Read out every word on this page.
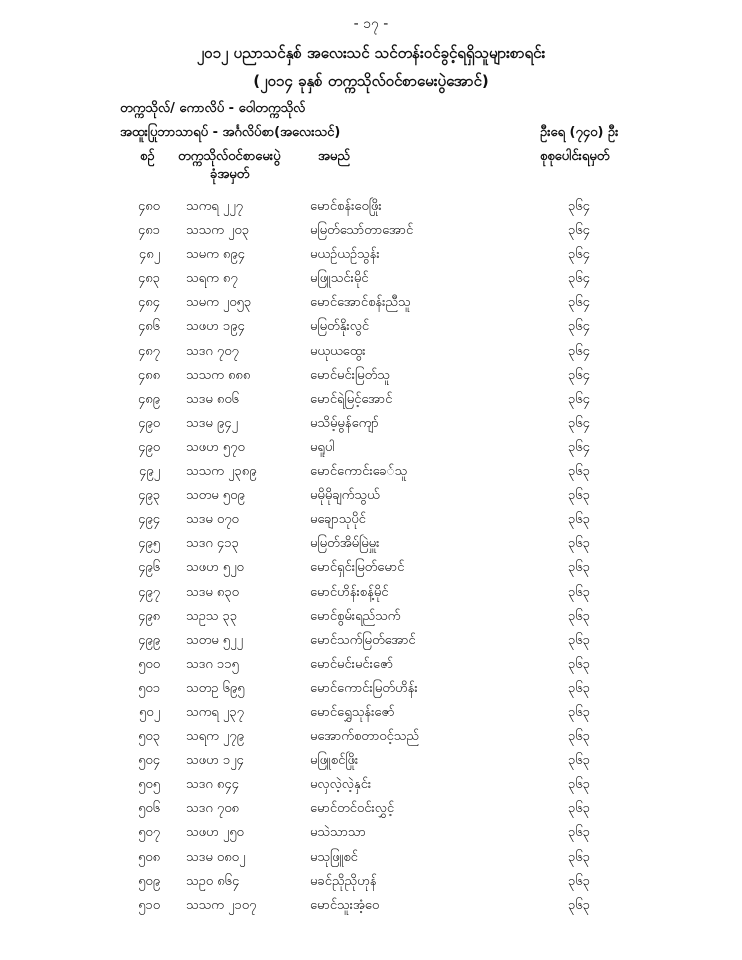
- ၁၇ -
၂၀၁၂ ပညာသင်နှစ် အလေးသင် သင်တန်းဝင်ခွင့်ရရှိသူများစာရင်း
(၂၀၁၄ ခုနှစ် တက္ကသိုလ်ဝင်စာမေးပွဲအောင်)
တက္ကသိုလ်/ ကောလိပ် - ဝေါတက္ကသိုလ်
အထူးပြုဘာသာရပ် - အင်္ဂလိပ်စာ(အလေးသင်)	ဦးရေ (၇၄၀) ဦး
စဉ် တက္ကသိုလ်ဝင်စာမေးပွဲ
ခုံအမှတ်
အမည်	စုစုပေါင်းရမှတ်
၄၈၀ သကရ ၂၂၇	မောင်စန်းဝေဖြိုး	၃၆၄
၄၈၁ သသက ၂၀၃	မမြတ်သော်တာအောင်	၃၆၄
၄၈၂ သမက ၈၉၄	မယဉ်ယဉ်သွန်း	၃၆၄
၄၈၃ သရက ၈၇	မဖြူသင်းမိုင်	၃၆၄
၄၈၄ သမက ၂၀၅၃	မောင်အောင်စန်းညီသူ	၃၆၄
၄၈၆ သဖဟ ၁၉၄	မမြတ်နိုးလွင်	၃၆၄
၄၈၇ သဒဂ ၇၀၇	မယုယထွေး	၃၆၄
၄၈၈ သသက ၈၈၈	မောင်မင်းမြတ်သူ	၃၆၄
၄၈၉ သဒမ ၈၀၆	မောင်ရဲမြင့်အောင်	၃၆၄
၄၉၀ သဒမ ၉၄၂	မသိမ့်မွန်ကျော်	၃၆၄
၄၉၀ သဖဟ ၅၇၀	မရူပါ	၃၆၄
၄၉၂ သသက ၂၃၈၉	မောင်ကောင်းခေ်သူ	၃၆၃
၄၉၃ သတမ ၅၀၉	မမိုမိုချက်သွယ်	၃၆၃
၄၉၄ သဒမ ၀၇၀	မချောသုပိုင်	၃၆၃
၄၉၅ သဒဂ ၄၁၃	မမြတ်အိမ်မြဲမှူး	၃၆၃
၄၉၆ သဖဟ ၅၂၀	မောင်ရှင်းမြတ်မောင်	၃၆၃
၄၉၇ သဒမ ၈၃၀	မောင်ဟိန်းစန့်မိုင်	၃၆၃
၄၉၈ သဥသ ၃၃	မောင်စွမ်းရည်သက်	၃၆၃
၄၉၉ သတမ ၅၂၂	မောင်သက်မြတ်အောင်	၃၆၃
၅၀၀ သဒဂ ၁၁၅	မောင်မင်းမင်းဇော်	၃၆၃
၅၀၁ သတဥ ၆၉၅	မောင်ကောင်းမြတ်ဟိန်း	၃၆၃
၅၀၂ သကရ ၂၃၇	မောင်ရွှေသုန်းဇော်	၃၆၃
၅၀၃ သရက ၂၇၉	မအောက်စတာဝင့်သည်	၃၆၃
၅၀၄ သဖဟ ၁၂၄	မဖြူစင်ဖြိုး	၃၆၃
၅၀၅ သဒဂ ၈၄၄	မလှလဲ့လဲ့နှင်း	၃၆၃
၅၀၆ သဒဂ ၇၀၈	မောင်တင်ဝင်းလွှင့်	၃၆၃
၅၀၇ သဖဟ ၂၅၀	မသဲသာသာ	၃၆၃
၅၀၈ သဒမ ၀၈၀၂	မသုဖြူစင်	၃၆၃
၅၀၉ သဥဝ ၈၆၄	မခင်ညိုညိုဟုန်	၃၆၃
၅၁၀ သသက ၂၁၀၇	မောင်သူးအံ့ဝေ	၃၆၃
